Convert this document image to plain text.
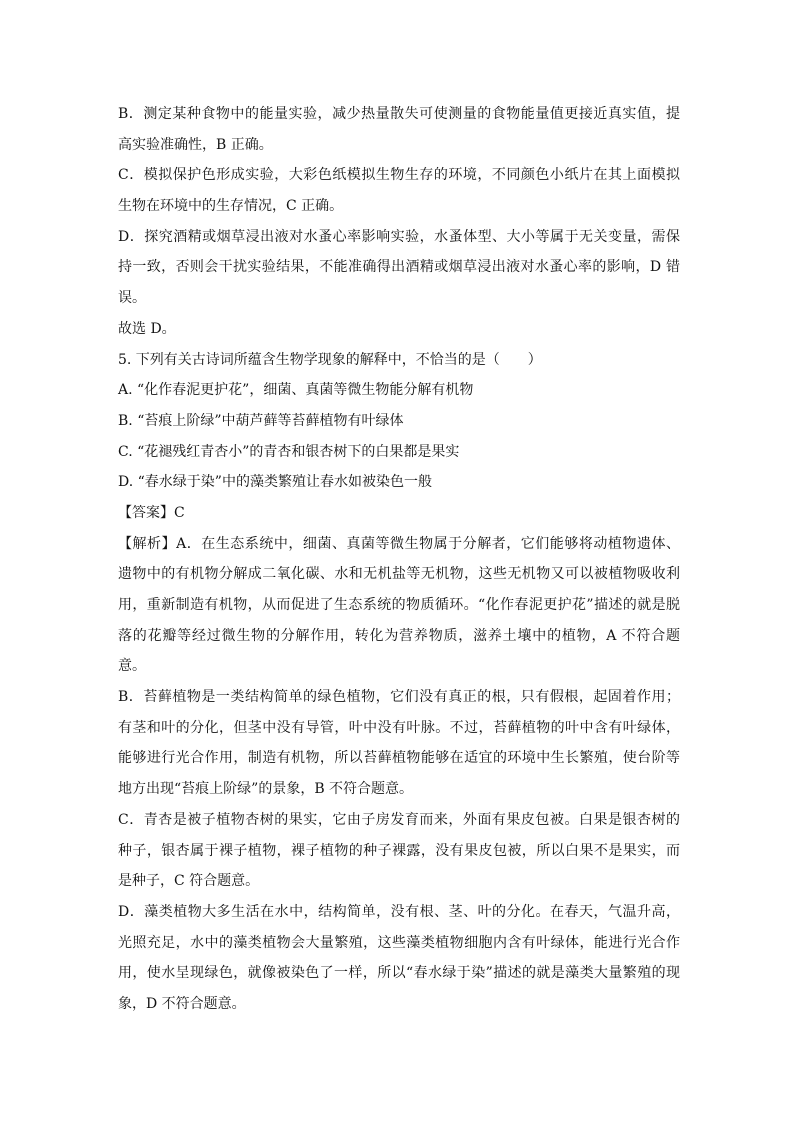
B．测定某种食物中的能量实验，减少热量散失可使测量的食物能量值更接近真实值，提
高实验准确性，B 正确。
C．模拟保护色形成实验，大彩色纸模拟生物生存的环境，不同颜色小纸片在其上面模拟
生物在环境中的生存情况，C 正确。
D．探究酒精或烟草浸出液对水蚤心率影响实验，水蚤体型、大小等属于无关变量，需保
持一致，否则会干扰实验结果，不能准确得出酒精或烟草浸出液对水蚤心率的影响，D 错
误。
故选 D。
5. 下列有关古诗词所蕴含生物学现象的解释中，不恰当的是（　　）
A. “化作春泥更护花”，细菌、真菌等微生物能分解有机物
B. “苔痕上阶绿”中葫芦藓等苔藓植物有叶绿体
C. “花褪残红青杏小”的青杏和银杏树下的白果都是果实
D. “春水绿于染”中的藻类繁殖让春水如被染色一般
【答案】C
【解析】A．在生态系统中，细菌、真菌等微生物属于分解者，它们能够将动植物遗体、
遗物中的有机物分解成二氧化碳、水和无机盐等无机物，这些无机物又可以被植物吸收利
用，重新制造有机物，从而促进了生态系统的物质循环。“化作春泥更护花”描述的就是脱
落的花瓣等经过微生物的分解作用，转化为营养物质，滋养土壤中的植物，A 不符合题
意。
B．苔藓植物是一类结构简单的绿色植物，它们没有真正的根，只有假根，起固着作用；
有茎和叶的分化，但茎中没有导管，叶中没有叶脉。不过，苔藓植物的叶中含有叶绿体，
能够进行光合作用，制造有机物，所以苔藓植物能够在适宜的环境中生长繁殖，使台阶等
地方出现“苔痕上阶绿”的景象，B 不符合题意。
C．青杏是被子植物杏树的果实，它由子房发育而来，外面有果皮包被。白果是银杏树的
种子，银杏属于裸子植物，裸子植物的种子裸露，没有果皮包被，所以白果不是果实，而
是种子，C 符合题意。
D．藻类植物大多生活在水中，结构简单，没有根、茎、叶的分化。在春天，气温升高，
光照充足，水中的藻类植物会大量繁殖，这些藻类植物细胞内含有叶绿体，能进行光合作
用，使水呈现绿色，就像被染色了一样，所以“春水绿于染”描述的就是藻类大量繁殖的现
象，D 不符合题意。
